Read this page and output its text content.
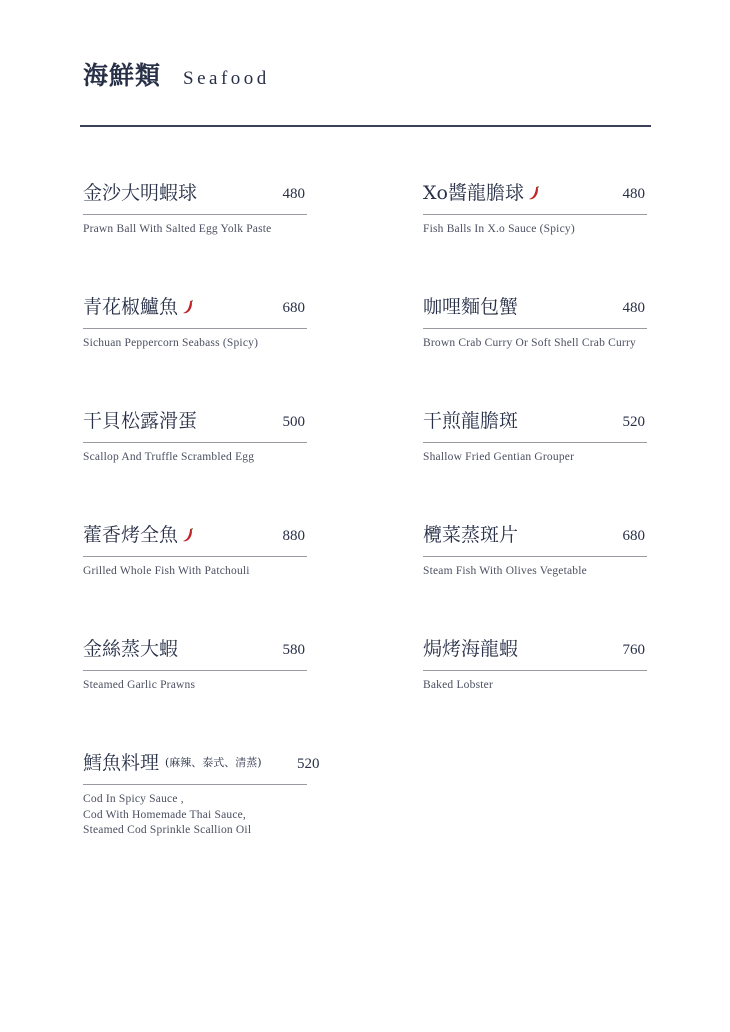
海鮮類 Seafood
金沙大明蝦球	480
Prawn Ball With Salted Egg Yolk Paste
Xo醬龍膽球	480
Fish Balls In X.o Sauce (Spicy)
青花椒鱸魚	680
Sichuan Peppercorn Seabass (Spicy)
咖哩麵包蟹	480
Brown Crab Curry Or Soft Shell Crab Curry
干貝松露滑蛋	500
Scallop And Truffle Scrambled Egg
干煎龍膽斑	520
Shallow Fried Gentian Grouper
藿香烤全魚	880
Grilled Whole Fish With Patchouli
欖菜蒸斑片	680
Steam Fish With Olives Vegetable
金絲蒸大蝦	580
Steamed Garlic Prawns
焗烤海龍蝦	760
Baked Lobster
鱈魚料理 (麻辣、泰式、清蒸) 520
Cod In Spicy Sauce ,
Cod With Homemade Thai Sauce,
Steamed Cod Sprinkle Scallion Oil
